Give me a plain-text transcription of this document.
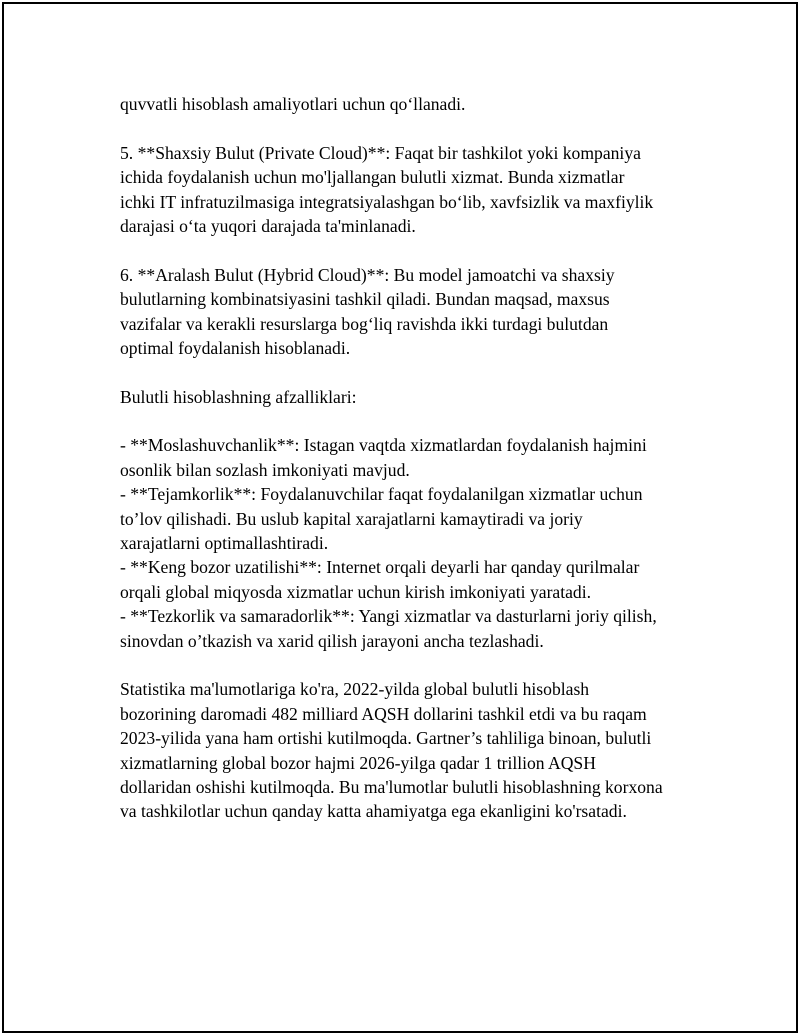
quvvatli hisoblash amaliyotlari uchun qo‘llanadi.
5. **Shaxsiy Bulut (Private Cloud)**: Faqat bir tashkilot yoki kompaniya
ichida foydalanish uchun mo'ljallangan bulutli xizmat. Bunda xizmatlar
ichki IT infratuzilmasiga integratsiyalashgan bo‘lib, xavfsizlik va maxfiylik
darajasi o‘ta yuqori darajada ta'minlanadi.
6. **Aralash Bulut (Hybrid Cloud)**: Bu model jamoatchi va shaxsiy
bulutlarning kombinatsiyasini tashkil qiladi. Bundan maqsad, maxsus
vazifalar va kerakli resurslarga bog‘liq ravishda ikki turdagi bulutdan
optimal foydalanish hisoblanadi.
Bulutli hisoblashning afzalliklari:
- **Moslashuvchanlik**: Istagan vaqtda xizmatlardan foydalanish hajmini
osonlik bilan sozlash imkoniyati mavjud.
- **Tejamkorlik**: Foydalanuvchilar faqat foydalanilgan xizmatlar uchun
to’lov qilishadi. Bu uslub kapital xarajatlarni kamaytiradi va joriy
xarajatlarni optimallashtiradi.
- **Keng bozor uzatilishi**: Internet orqali deyarli har qanday qurilmalar
orqali global miqyosda xizmatlar uchun kirish imkoniyati yaratadi.
- **Tezkorlik va samaradorlik**: Yangi xizmatlar va dasturlarni joriy qilish,
sinovdan o’tkazish va xarid qilish jarayoni ancha tezlashadi.
Statistika ma'lumotlariga ko'ra, 2022-yilda global bulutli hisoblash
bozorining daromadi 482 milliard AQSH dollarini tashkil etdi va bu raqam
2023-yilida yana ham ortishi kutilmoqda. Gartner’s tahliliga binoan, bulutli
xizmatlarning global bozor hajmi 2026-yilga qadar 1 trillion AQSH
dollaridan oshishi kutilmoqda. Bu ma'lumotlar bulutli hisoblashning korxona
va tashkilotlar uchun qanday katta ahamiyatga ega ekanligini ko'rsatadi.
